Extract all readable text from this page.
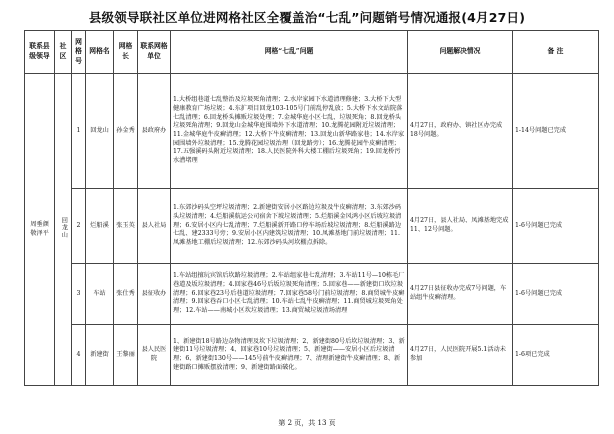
县级领导联社区单位进网格社区全覆盖治“七乱”问题销号情况通报(4月27日)
联系县级领导	社区	网格号	网格名	网格长	联系网格单位	网格“七乱”问题	问题解决情况	备 注
周垂颜 敬泽平	回龙山	1	回龙山	孙金秀	县政府办	1.大桥组巷道七乱整治及垃圾死角清理；2.水岸家园下水道清理修建；3.大桥下大型健康教育广场垃圾；4.东扩项目回龙103-105号门前乱停乱放；5.大桥下水文站院落七乱清理；6.回龙桥头摊贩垃圾处理；7.金城华庭小区七乱、垃圾死角；8.回龙桥头垃圾死角清理；9.回龙山金城华庭围墙外下水道清理；10.龙腾花园附近垃圾清理；11.金城华庭牛皮癣清理；12.大桥下牛皮癣清理；13.回龙山新华路家巷；14.水岸家园围墙外垃圾清理；15.龙腾花园垃圾治理（回龙路旁）；16.龙腾花园牛皮癣清理；17.五强溪码头附近垃圾清理；18.人民医院外科大楼工棚后垃圾死角；19.回龙桥污水漕堵理	4月27日，政府办、镇社区办完成18号问题。	1-14号问题已完成
		2	烂船溪	张玉英	县人社局	1.东郊沙码头空坪垃圾清理；2.新建街安居小区路边垃圾及牛皮癣清理；3.东郊沙码头垃圾清理；4.烂船溪航运公司宿舍下坡垃圾清理；5.烂船溪金风鸿小区后坡垃圾清理；6.安居小区内七乱清理；7.烂船溪新开路口停车场后坡垃圾清理；8.烂船溪路边七乱、建2333号旁；9.安居小区内建筑垃圾清理；10.凤滩基地门前垃圾清理；11.凤滩基地工棚后垃圾清理；12.东郊沙码头河坎棚点拆除。	4月27日，县人社局、凤滩基地完成11、12号问题。	1-6号问题已完成
		3	车站	张仕秀	县征收办	1.车站组擅玩宾馆后坎路垃圾清理；2.车站组家巷七乱清理；3.车站11号—10栋毛厂巷道及坂垃圾清理；4.回家巷46号后坂垃圾死角清理；5.回家巷——新建街口坎垃圾清理；6.回家巷23号后巷道垃圾清理；7.回家巷58号门前垃圾清理；8.商贸城牛皮癣清理；9.回家巷吞口小区七乱清理；10.车站七乱牛皮癣清理；11.商贸城垃圾死角处理；12.车站——南城小区坎垃圾清理；13.商贸城垃圾渣场清理	4月27日县征收办完成7号问题，车站组牛皮癣清理。	1-6号问题已完成
		4	新建街	王黎丽	县人民医院	1、新建街18号路边杂物清理及坎下垃圾清理；2、新建街80号后坎垃圾清理；3、新建街11号垃圾清理；4、回家巷10号垃圾清理；5、新建街——安居小区后垃圾清理；6、新建街130号——145号前牛皮癣清理；7、清理新建街牛皮癣清理；8、新建街路口摊贩摆放清理；9、新建街路面破化。	4月27日，人民医院开展5.1活动未参加	1-6项已完成
第 2 页，共 13 页
